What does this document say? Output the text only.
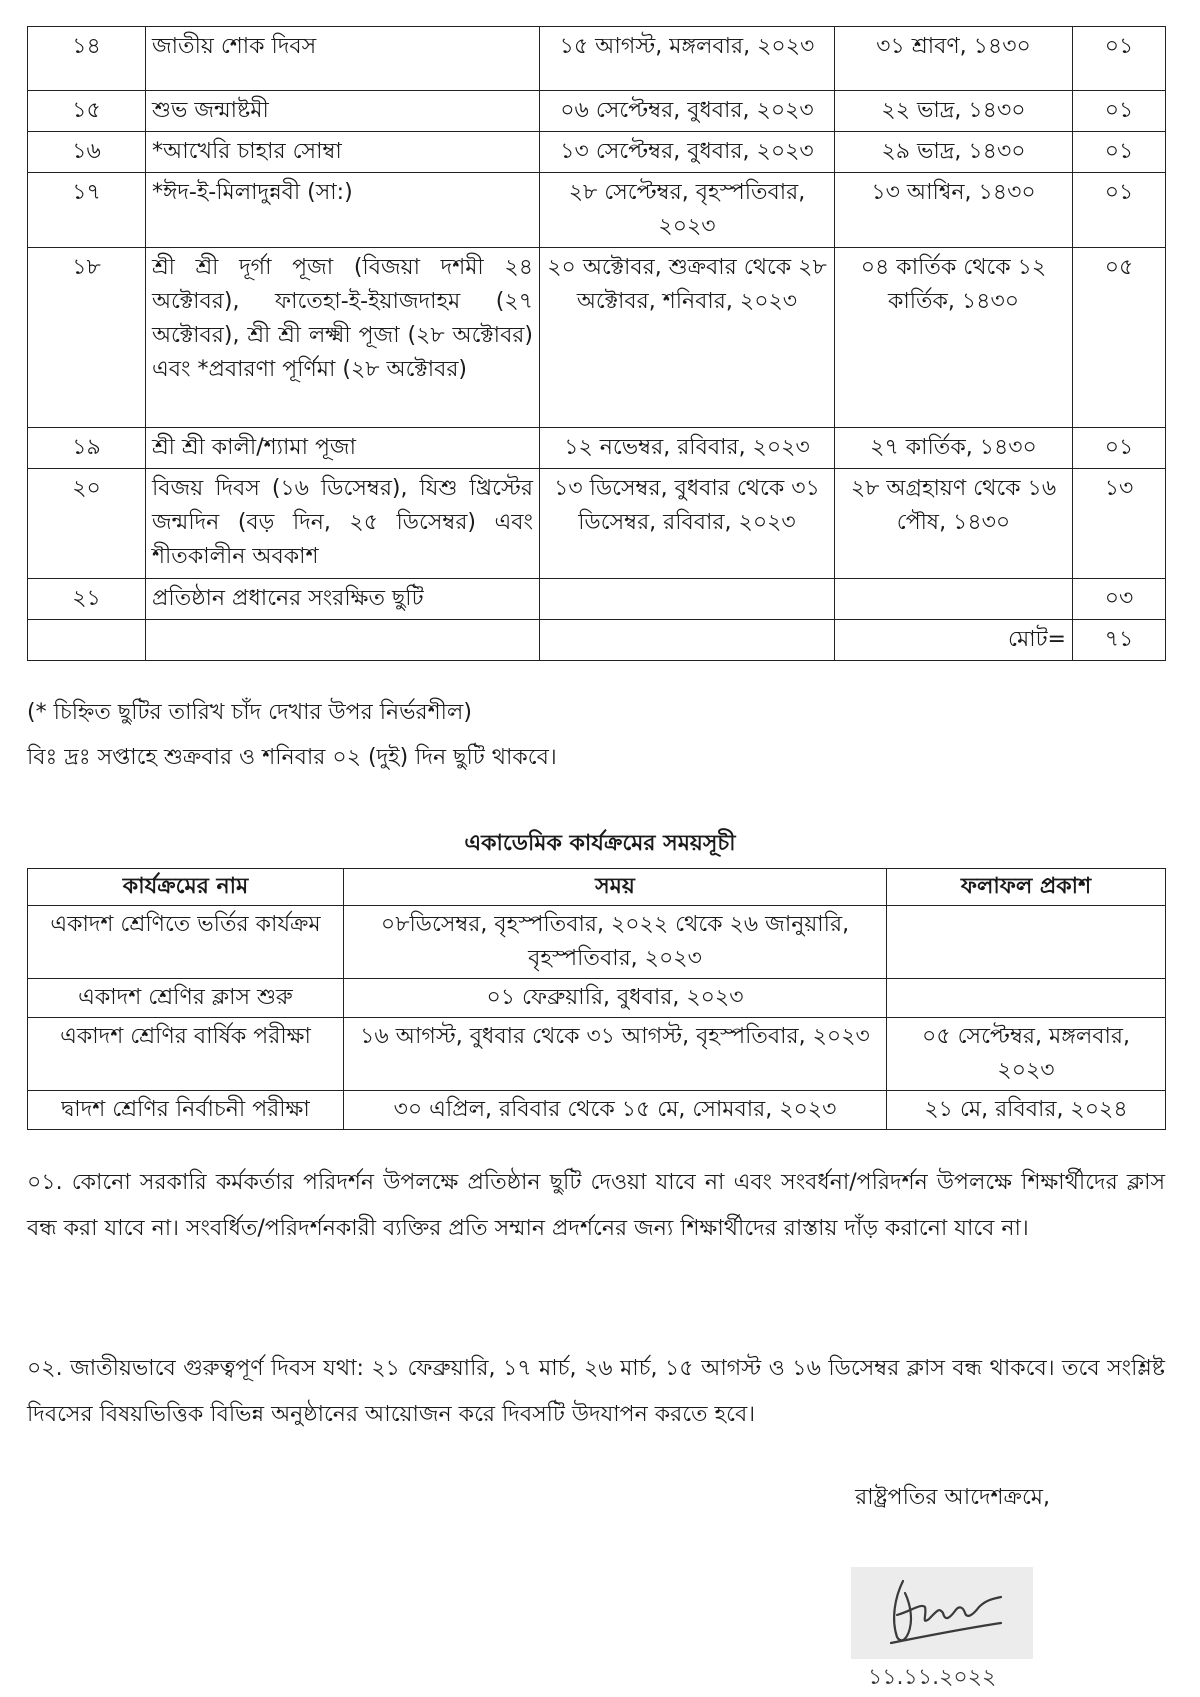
১৪	জাতীয় শোক দিবস	১৫ আগস্ট, মঙ্গলবার, ২০২৩	৩১ শ্রাবণ, ১৪৩০	০১
১৫	শুভ জন্মাষ্টমী	০৬ সেপ্টেম্বর, বুধবার, ২০২৩	২২ ভাদ্র, ১৪৩০	০১
১৬	*আখেরি চাহার সোম্বা	১৩ সেপ্টেম্বর, বুধবার, ২০২৩	২৯ ভাদ্র, ১৪৩০	০১
১৭	*ঈদ-ই-মিলাদুন্নবী (সা:)	২৮ সেপ্টেম্বর, বৃহস্পতিবার, ২০২৩	১৩ আশ্বিন, ১৪৩০	০১
১৮	শ্রী শ্রী দূর্গা পূজা (বিজয়া দশমী ২৪ অক্টোবর), ফাতেহা-ই-ইয়াজদাহম (২৭ অক্টোবর), শ্রী শ্রী লক্ষ্মী পূজা (২৮ অক্টোবর) এবং *প্রবারণা পূর্ণিমা (২৮ অক্টোবর)	২০ অক্টোবর, শুক্রবার থেকে ২৮ অক্টোবর, শনিবার, ২০২৩	০৪ কার্তিক থেকে ১২ কার্তিক, ১৪৩০	০৫
১৯	শ্রী শ্রী কালী/শ্যামা পূজা	১২ নভেম্বর, রবিবার, ২০২৩	২৭ কার্তিক, ১৪৩০	০১
২০	বিজয় দিবস (১৬ ডিসেম্বর), যিশু খ্রিস্টের জন্মদিন (বড় দিন, ২৫ ডিসেম্বর) এবং শীতকালীন অবকাশ	১৩ ডিসেম্বর, বুধবার থেকে ৩১ ডিসেম্বর, রবিবার, ২০২৩	২৮ অগ্রহায়ণ থেকে ১৬ পৌষ, ১৪৩০	১৩
২১	প্রতিষ্ঠান প্রধানের সংরক্ষিত ছুটি			০৩
			মোট=	৭১
(* চিহ্নিত ছুটির তারিখ চাঁদ দেখার উপর নির্ভরশীল)
বিঃ দ্রঃ সপ্তাহে শুক্রবার ও শনিবার ০২ (দুই) দিন ছুটি থাকবে।
একাডেমিক কার্যক্রমের সময়সূচী
কার্যক্রমের নাম	সময়	ফলাফল প্রকাশ
একাদশ শ্রেণিতে ভর্তির কার্যক্রম	০৮ডিসেম্বর, বৃহস্পতিবার, ২০২২ থেকে ২৬ জানুয়ারি, বৃহস্পতিবার, ২০২৩	
একাদশ শ্রেণির ক্লাস শুরু	০১ ফেব্রুয়ারি, বুধবার, ২০২৩	
একাদশ শ্রেণির বার্ষিক পরীক্ষা	১৬ আগস্ট, বুধবার থেকে ৩১ আগস্ট, বৃহস্পতিবার, ২০২৩	০৫ সেপ্টেম্বর, মঙ্গলবার, ২০২৩
দ্বাদশ শ্রেণির নির্বাচনী পরীক্ষা	৩০ এপ্রিল, রবিবার থেকে ১৫ মে, সোমবার, ২০২৩	২১ মে, রবিবার, ২০২৪
০১. কোনো সরকারি কর্মকর্তার পরিদর্শন উপলক্ষে প্রতিষ্ঠান ছুটি দেওয়া যাবে না এবং সংবর্ধনা/পরিদর্শন উপলক্ষে শিক্ষার্থীদের ক্লাস বন্ধ করা যাবে না। সংবর্ধিত/পরিদর্শনকারী ব্যক্তির প্রতি সম্মান প্রদর্শনের জন্য শিক্ষার্থীদের রাস্তায় দাঁড় করানো যাবে না।
০২. জাতীয়ভাবে গুরুত্বপূর্ণ দিবস যথা: ২১ ফেব্রুয়ারি, ১৭ মার্চ, ২৬ মার্চ, ১৫ আগস্ট ও ১৬ ডিসেম্বর ক্লাস বন্ধ থাকবে। তবে সংশ্লিষ্ট দিবসের বিষয়ভিত্তিক বিভিন্ন অনুষ্ঠানের আয়োজন করে দিবসটি উদযাপন করতে হবে।
রাষ্ট্রপতির আদেশক্রমে,
১১.১১.২০২২
